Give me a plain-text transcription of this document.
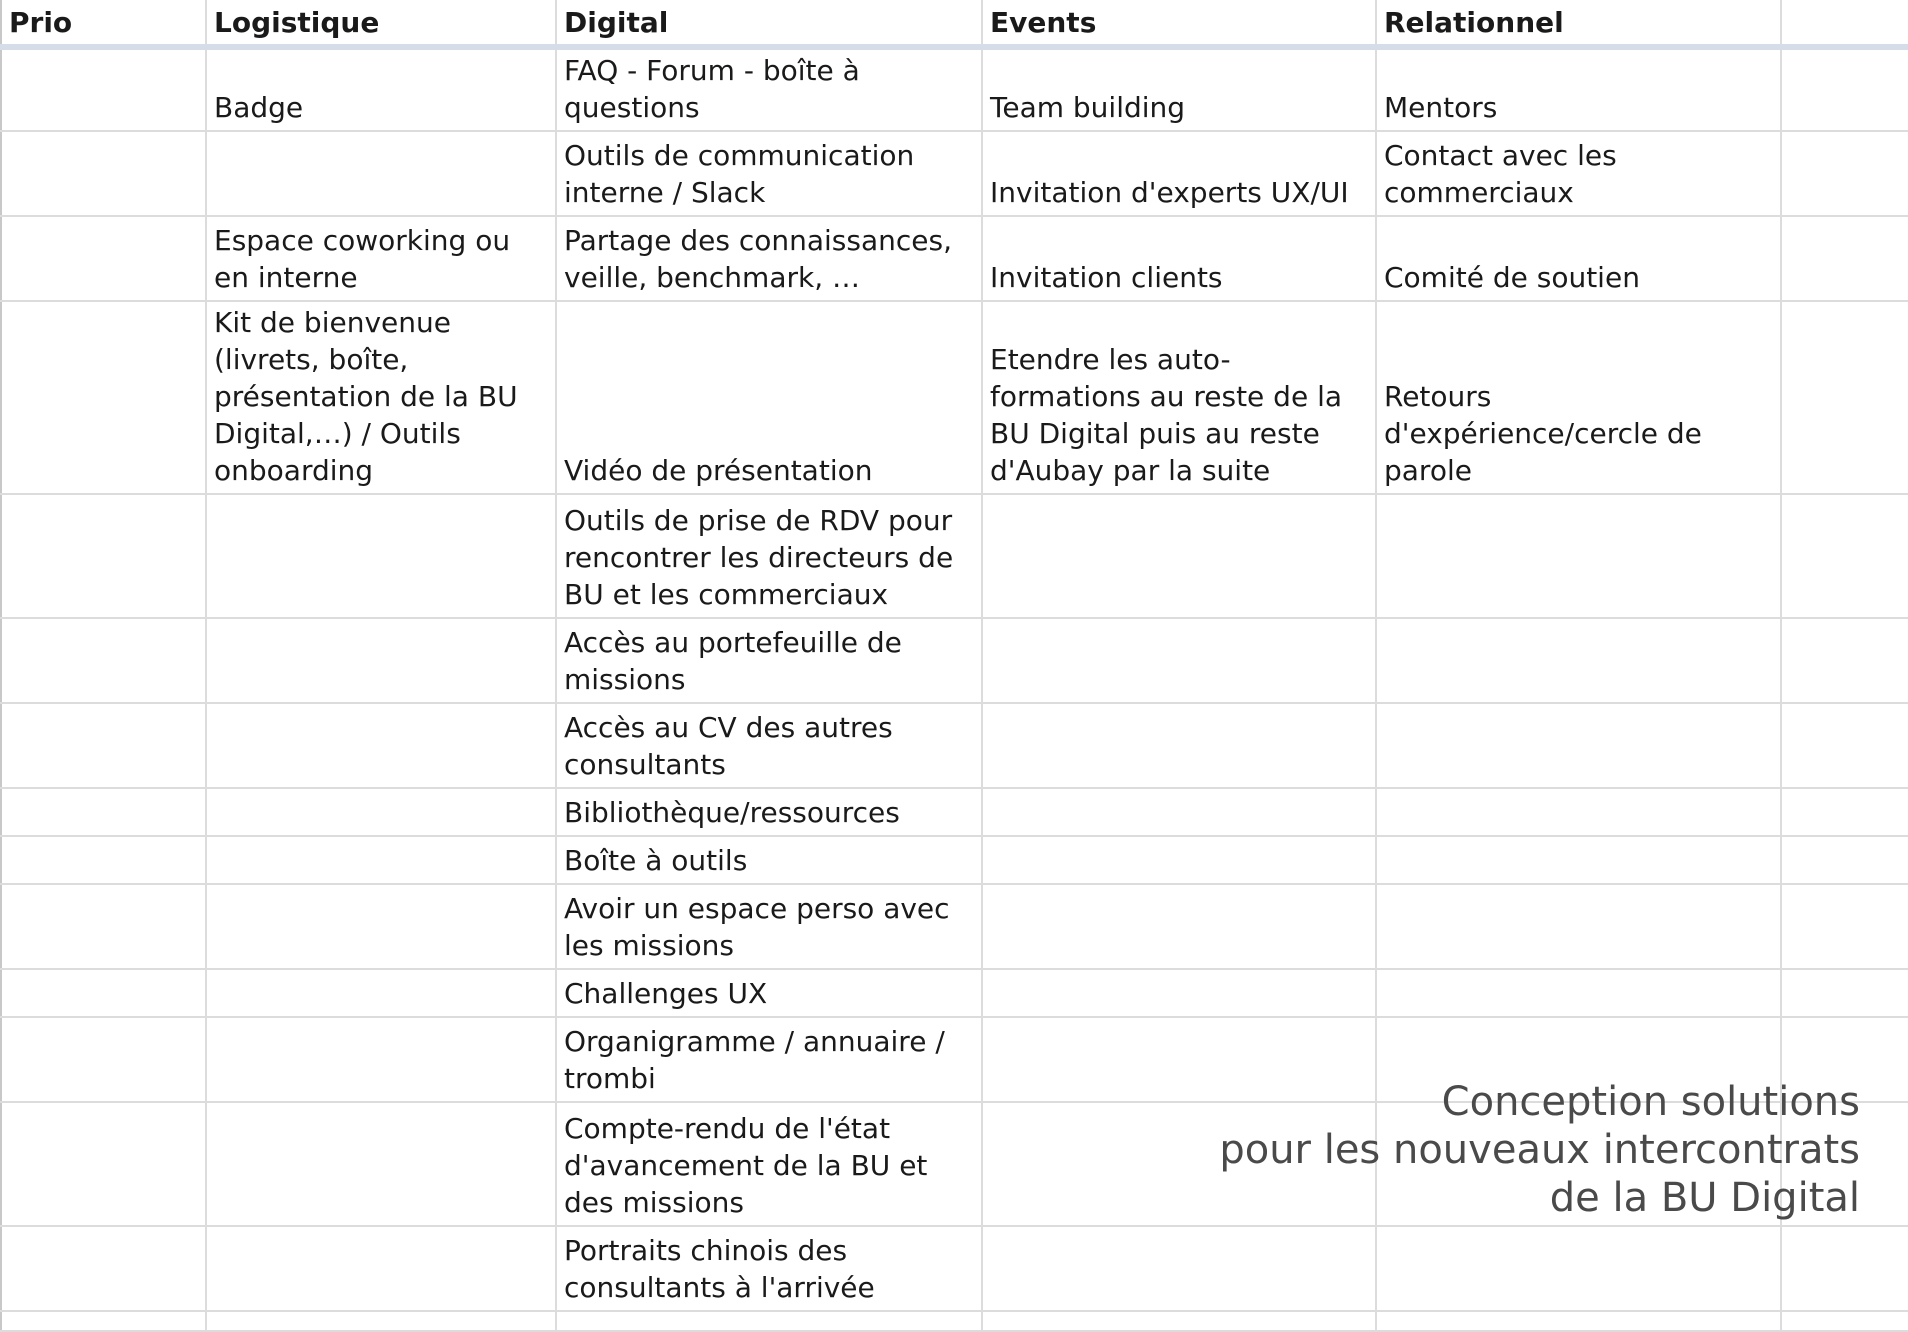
Prio	Logistique	Digital	Events	Relationnel	
	Badge	FAQ - Forum - boîte à questions	Team building	Mentors	
		Outils de communication interne / Slack	Invitation d'experts UX/UI	Contact avec les commerciaux	
	Espace coworking ou en interne	Partage des connaissances, veille, benchmark, …	Invitation clients	Comité de soutien	
	Kit de bienvenue (livrets, boîte, présentation de la BU Digital,…) / Outils onboarding	Vidéo de présentation	Etendre les auto-formations au reste de la BU Digital puis au reste d'Aubay par la suite	Retours d'expérience/cercle de parole	
		Outils de prise de RDV pour rencontrer les directeurs de BU et les commerciaux			
		Accès au portefeuille de missions			
		Accès au CV des autres consultants			
		Bibliothèque/ressources			
		Boîte à outils			
		Avoir un espace perso avec les missions			
		Challenges UX			
		Organigramme / annuaire / trombi			
		Compte-rendu de l'état d'avancement de la BU et des missions			
		Portraits chinois des consultants à l'arrivée			

Conception solutions
pour les nouveaux intercontrats
de la BU Digital
